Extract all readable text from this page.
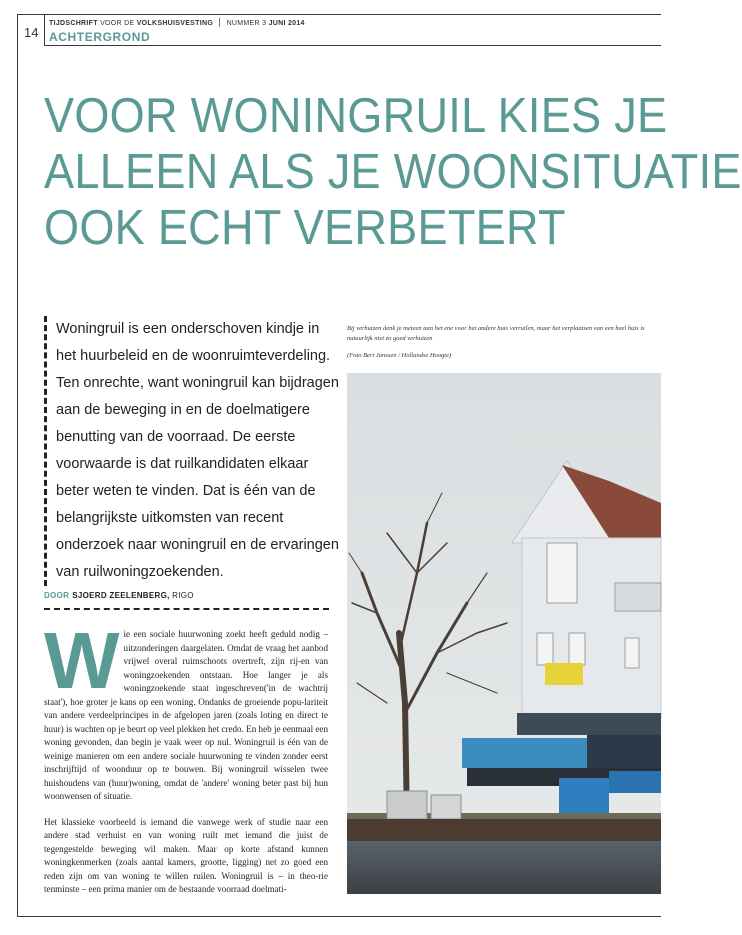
14
TIJDSCHRIFT VOOR DE VOLKSHUISVESTING NUMMER 3 JUNI 2014
ACHTERGROND
VOOR WONINGRUIL KIES JE
ALLEEN ALS JE WOONSITUATIE
OOK ECHT VERBETERT

Woningruil is een onderschoven kindje in het huurbeleid en de woonruimteverdeling. Ten onrechte, want woningruil kan bijdragen aan de beweging in en de doelmatigere benutting van de voorraad. De eerste voorwaarde is dat ruilkandidaten elkaar beter weten te vinden. Dat is één van de belangrijkste uitkomsten van recent onderzoek naar woningruil en de ervaringen van ruilwoningzoekenden.

DOOR SJOERD ZEELENBERG, RIGO

Wie een sociale huurwoning zoekt heeft geduld nodig – uitzonderingen daargelaten. Omdat de vraag het aanbod vrijwel overal ruimschoots overtreft, zijn rij-en van woningzoekenden ontstaan. Hoe langer je als woningzoekende staat ingeschreven('in de wachtrij staat'), hoe groter je kans op een woning. Ondanks de groeiende popu-lariteit van andere verdeelprincipes in de afgelopen jaren (zoals loting en direct te huur) is wachten op je beurt op veel plekken het credo. En heb je eenmaal een woning gevonden, dan begin je vaak weer op nul. Woningruil is één van de weinige manieren om een andere sociale huurwoning te vinden zonder eerst inschrijftijd of woonduur op te bouwen. Bij woningruil wisselen twee huishoudens van (huur)woning, omdat de 'andere' woning beter past bij hun woonwensen of situatie.

Het klassieke voorbeeld is iemand die vanwege werk of studie naar een andere stad verhuist en van woning ruilt met iemand die juist de tegengestelde beweging wil maken. Maar op korte afstand kunnen woningkenmerken (zoals aantal kamers, grootte, ligging) net zo goed een reden zijn om van woning te willen ruilen. Woningruil is – in theo-rie tenminste – een prima manier om de bestaande voorraad doelmati-

Bij verhuizen denk je meteen aan het ene voor het andere huis verruilen, maar het verplaatsen van een heel huis is natuurlijk niet zo goed verhuizen
(Foto Bert Janssen / Hollandse Hoogte)
